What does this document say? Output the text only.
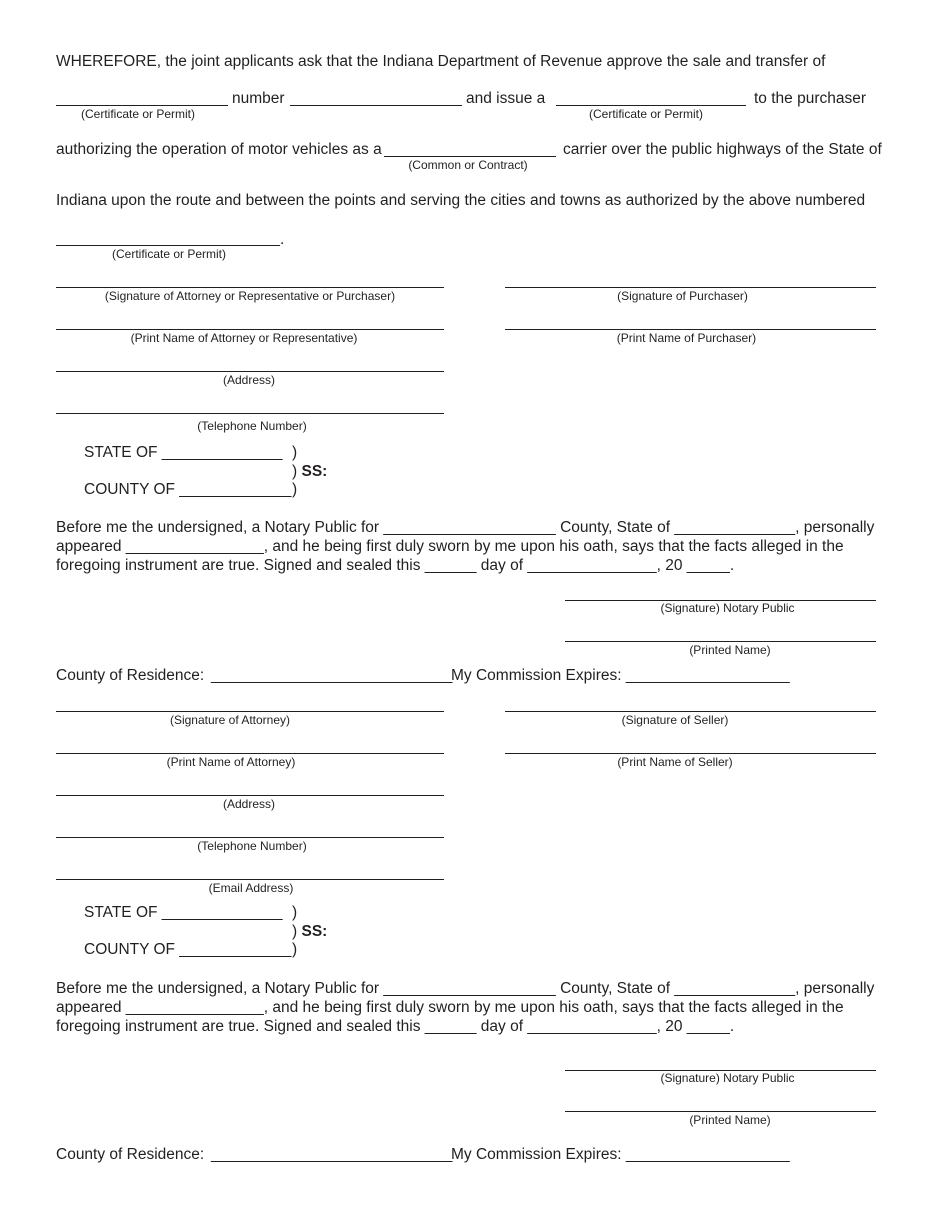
WHEREFORE, the joint applicants ask that the Indiana Department of Revenue approve the sale and transfer of
(Certificate or Permit)
number	and issue a
(Certificate or Permit)
to the purchaser
authorizing the operation of motor vehicles as a
(Common or Contract)
carrier over the public highways of the State of
Indiana upon the route and between the points and serving the cities and towns as authorized by the above numbered
.
(Certificate or Permit)
(Signature of Attorney or Representative or Purchaser)	(Signature of Purchaser)
(Print Name of Attorney or Representative)	(Print Name of Purchaser)
(Address)
(Telephone Number)
STATE OF ______________ )
) SS:
COUNTY OF _____________ )
Before me the undersigned, a Notary Public for ____________________ County, State of ______________, personally
appeared ________________, and he being first duly sworn by me upon his oath, says that the facts alleged in the
foregoing instrument are true. Signed and sealed this ______ day of _______________, 20 _____.
(Signature) Notary Public
(Printed Name)
County of Residence: ____________________________
My Commission Expires: ___________________
(Signature of Attorney)	(Signature of Seller)
(Print Name of Attorney)	(Print Name of Seller)
(Address)
(Telephone Number)
(Email Address)
STATE OF ______________ )
) SS:
COUNTY OF _____________ )
Before me the undersigned, a Notary Public for ____________________ County, State of ______________, personally
appeared ________________, and he being first duly sworn by me upon his oath, says that the facts alleged in the
foregoing instrument are true. Signed and sealed this ______ day of _______________, 20 _____.
(Signature) Notary Public
(Printed Name)
County of Residence: ____________________________
My Commission Expires: ___________________
